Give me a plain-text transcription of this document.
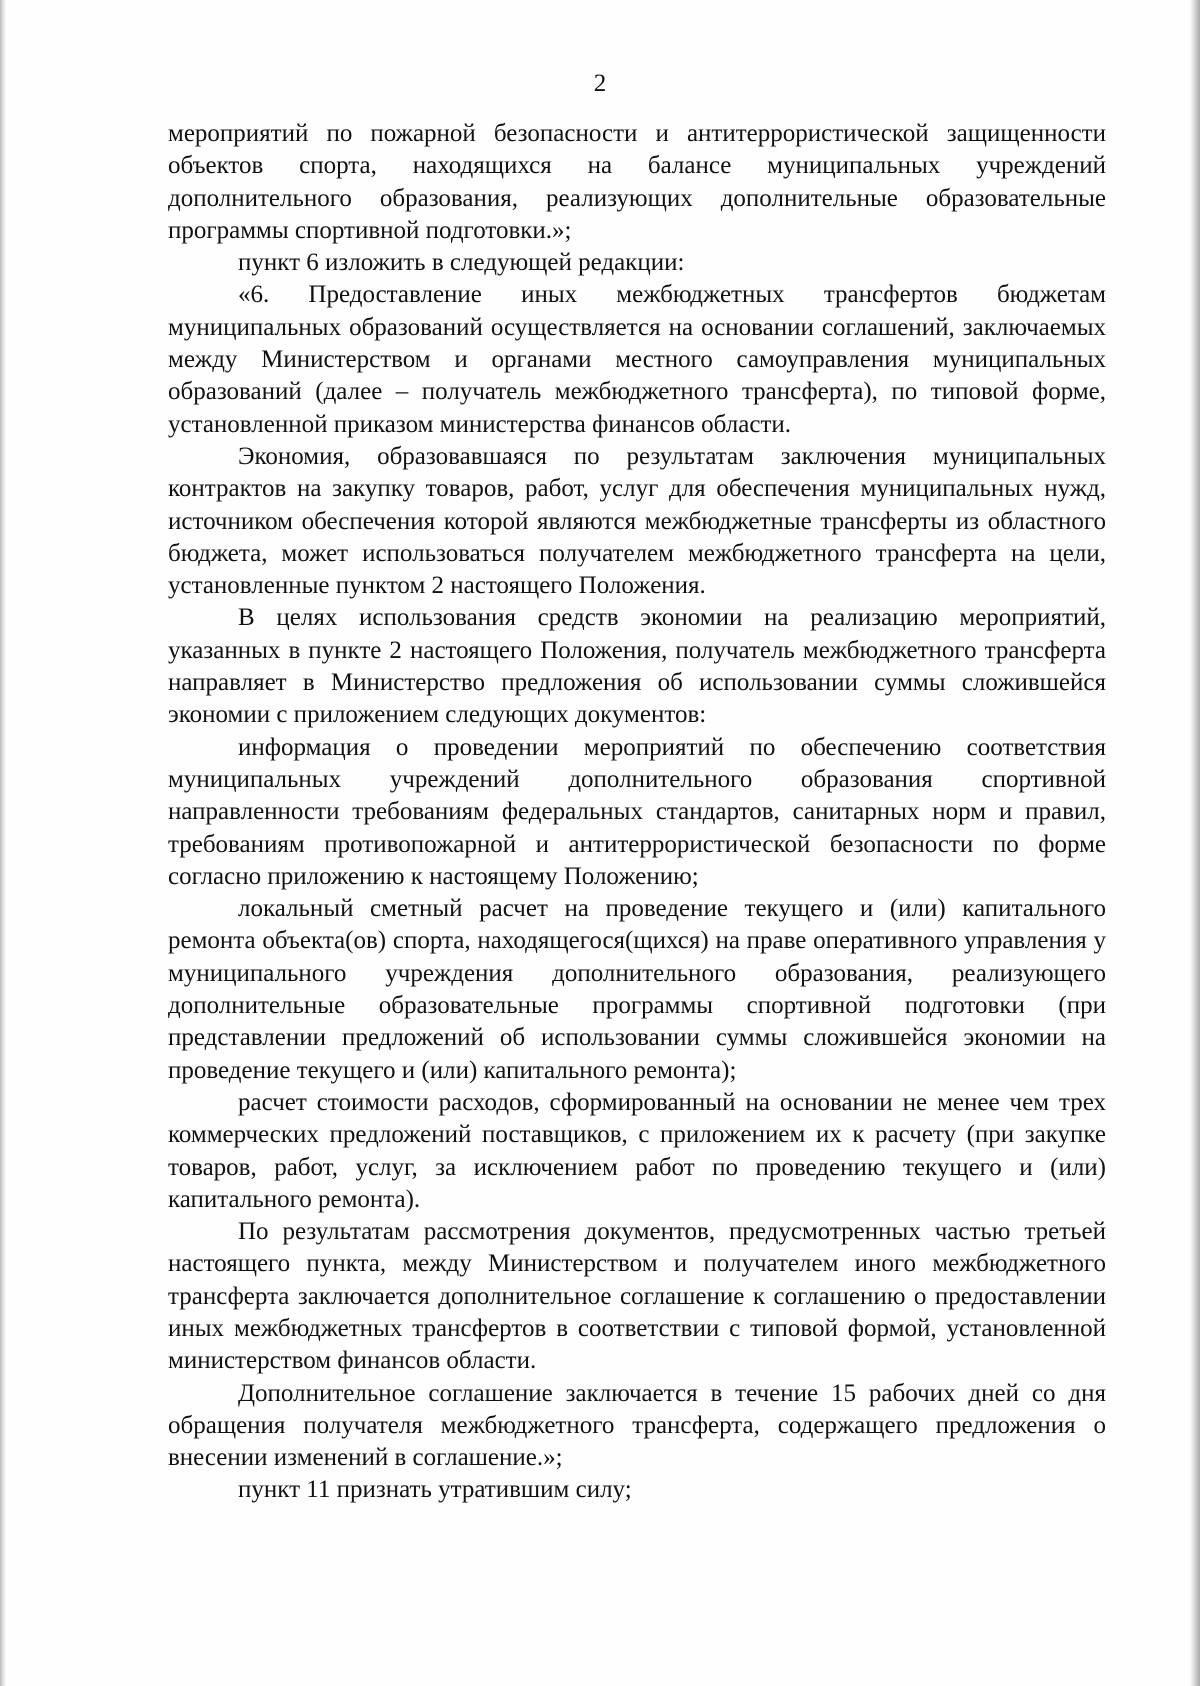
2

мероприятий по пожарной безопасности и антитеррористической защищенности объектов спорта, находящихся на балансе муниципальных учреждений дополнительного образования, реализующих дополнительные образовательные программы спортивной подготовки.»;

пункт 6 изложить в следующей редакции:

«6. Предоставление иных межбюджетных трансфертов бюджетам муниципальных образований осуществляется на основании соглашений, заключаемых между Министерством и органами местного самоуправления муниципальных образований (далее – получатель межбюджетного трансферта), по типовой форме, установленной приказом министерства финансов области.

Экономия, образовавшаяся по результатам заключения муниципальных контрактов на закупку товаров, работ, услуг для обеспечения муниципальных нужд, источником обеспечения которой являются межбюджетные трансферты из областного бюджета, может использоваться получателем межбюджетного трансферта на цели, установленные пунктом 2 настоящего Положения.

В целях использования средств экономии на реализацию мероприятий, указанных в пункте 2 настоящего Положения, получатель межбюджетного трансферта направляет в Министерство предложения об использовании суммы сложившейся экономии с приложением следующих документов:

информация о проведении мероприятий по обеспечению соответствия муниципальных учреждений дополнительного образования спортивной направленности требованиям федеральных стандартов, санитарных норм и правил, требованиям противопожарной и антитеррористической безопасности по форме согласно приложению к настоящему Положению;

локальный сметный расчет на проведение текущего и (или) капитального ремонта объекта(ов) спорта, находящегося(щихся) на праве оперативного управления у муниципального учреждения дополнительного образования, реализующего дополнительные образовательные программы спортивной подготовки (при представлении предложений об использовании суммы сложившейся экономии на проведение текущего и (или) капитального ремонта);

расчет стоимости расходов, сформированный на основании не менее чем трех коммерческих предложений поставщиков, с приложением их к расчету (при закупке товаров, работ, услуг, за исключением работ по проведению текущего и (или) капитального ремонта).

По результатам рассмотрения документов, предусмотренных частью третьей настоящего пункта, между Министерством и получателем иного межбюджетного трансферта заключается дополнительное соглашение к соглашению о предоставлении иных межбюджетных трансфертов в соответствии с типовой формой, установленной министерством финансов области.

Дополнительное соглашение заключается в течение 15 рабочих дней со дня обращения получателя межбюджетного трансферта, содержащего предложения о внесении изменений в соглашение.»;

пункт 11 признать утратившим силу;
